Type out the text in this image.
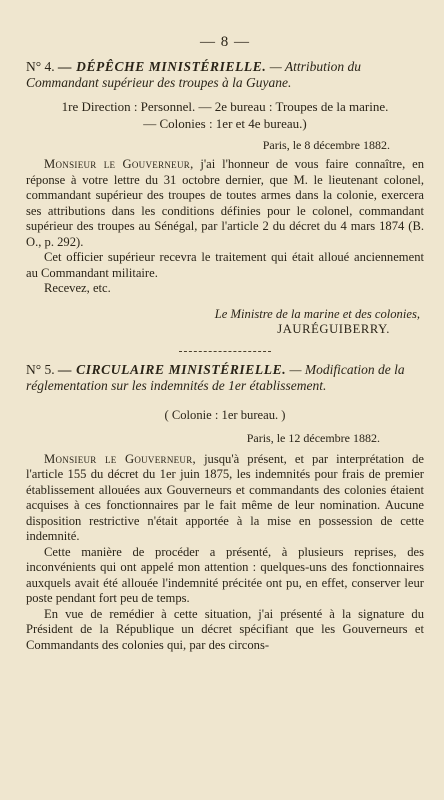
— 8 —
N° 4. — DÉPÊCHE MINISTÉRIELLE. — Attribution du Commandant supérieur des troupes à la Guyane.
1re Direction : Personnel. — 2e bureau : Troupes de la marine.
— Colonies : 1er et 4e bureau.)
Paris, le 8 décembre 1882.

Monsieur le Gouverneur, j'ai l'honneur de vous faire connaître, en réponse à votre lettre du 31 octobre dernier, que M. le lieutenant colonel, commandant supérieur des troupes de toutes armes dans la colonie, exercera ses attributions dans les conditions définies pour le colonel, commandant supérieur des troupes au Sénégal, par l'article 2 du décret du 4 mars 1874 (B. O., p. 292).

Cet officier supérieur recevra le traitement qui était alloué anciennement au Commandant militaire.

Recevez, etc.

Le Ministre de la marine et des colonies,
JAURÉGUIBERRY.
N° 5. — CIRCULAIRE MINISTÉRIELLE. — Modification de la réglementation sur les indemnités de 1er établissement.
( Colonie : 1er bureau. )
Paris, le 12 décembre 1882.

Monsieur le Gouverneur, jusqu'à présent, et par interprétation de l'article 155 du décret du 1er juin 1875, les indemnités pour frais de premier établissement allouées aux Gouverneurs et commandants des colonies étaient acquises à ces fonctionnaires par le fait même de leur nomination. Aucune disposition restrictive n'était apportée à la mise en possession de cette indemnité.

Cette manière de procéder a présenté, à plusieurs reprises, des inconvénients qui ont appelé mon attention : quelques-uns des fonctionnaires auxquels avait été allouée l'indemnité précitée ont pu, en effet, conserver leur poste pendant fort peu de temps.

En vue de remédier à cette situation, j'ai présenté à la signature du Président de la République un décret spécifiant que les Gouverneurs et Commandants des colonies qui, par des circons-
